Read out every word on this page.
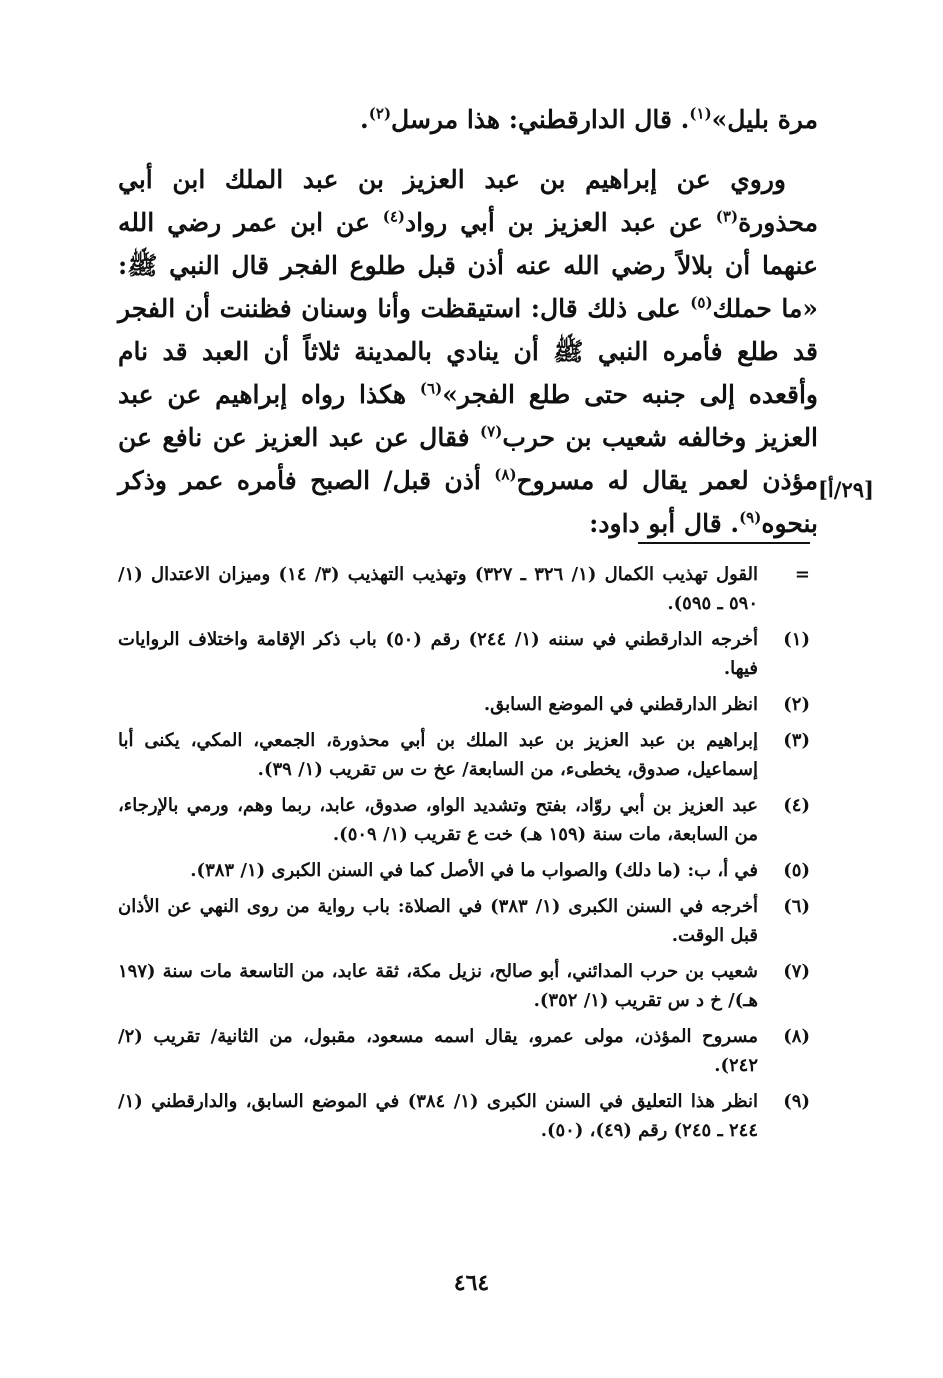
مرة بليل»$^{(١)}$. قال الدارقطني: هذا مرسل$^{(٢)}$.

وروي عن إبراهيم بن عبد العزيز بن عبد الملك ابن أبي محذورة$^{(٣)}$ عن عبد العزيز بن أبي رواد$^{(٤)}$ عن ابن عمر رضي الله عنهما أن بلالاً رضي الله عنه أذن قبل طلوع الفجر قال النبي ﷺ: «ما حملك$^{(٥)}$ على ذلك قال: استيقظت وأنا وسنان فظننت أن الفجر قد طلع فأمره النبي ﷺ أن ينادي بالمدينة ثلاثاً أن العبد قد نام وأقعده إلى جنبه حتى طلع الفجر»$^{(٦)}$ هكذا رواه إبراهيم عن عبد العزيز وخالفه شعيب بن حرب$^{(٧)}$ فقال عن عبد العزيز عن نافع عن مؤذن لعمر يقال له مسروح$^{(٨)}$ أذن قبل/ الصبح فأمره عمر وذكر بنحوه$^{(٩)}$. قال أبو داود:

[٢٩/أ]
=
القول تهذيب الكمال (١/ ٣٢٦ ـ ٣٢٧) وتهذيب التهذيب (٣/ ١٤) وميزان الاعتدال (١/ ٥٩٠ ـ ٥٩٥).
(١)
أخرجه الدارقطني في سننه (١/ ٢٤٤) رقم (٥٠) باب ذكر الإقامة واختلاف الروايات فيها.
(٢)
انظر الدارقطني في الموضع السابق.
(٣)
إبراهيم بن عبد العزيز بن عبد الملك بن أبي محذورة، الجمعي، المكي، يكنى أبا إسماعيل، صدوق، يخطىء، من السابعة/ عخ ت س تقريب (١/ ٣٩).
(٤)
عبد العزيز بن أبي روّاد، بفتح وتشديد الواو، صدوق، عابد، ربما وهم، ورمي بالإرجاء، من السابعة، مات سنة (١٥٩ هـ) خت ع تقريب (١/ ٥٠٩).
(٥)
في أ، ب: (ما دلك) والصواب ما في الأصل كما في السنن الكبرى (١/ ٣٨٣).
(٦)
أخرجه في السنن الكبرى (١/ ٣٨٣) في الصلاة: باب رواية من روى النهي عن الأذان قبل الوقت.
(٧)
شعيب بن حرب المدائني، أبو صالح، نزيل مكة، ثقة عابد، من التاسعة مات سنة (١٩٧ هـ)/ خ د س تقريب (١/ ٣٥٢).
(٨)
مسروح المؤذن، مولى عمرو، يقال اسمه مسعود، مقبول، من الثانية/ تقريب (٢/ ٢٤٢).
(٩)
انظر هذا التعليق في السنن الكبرى (١/ ٣٨٤) في الموضع السابق، والدارقطني (١/ ٢٤٤ ـ ٢٤٥) رقم (٤٩)، (٥٠).
٤٦٤
